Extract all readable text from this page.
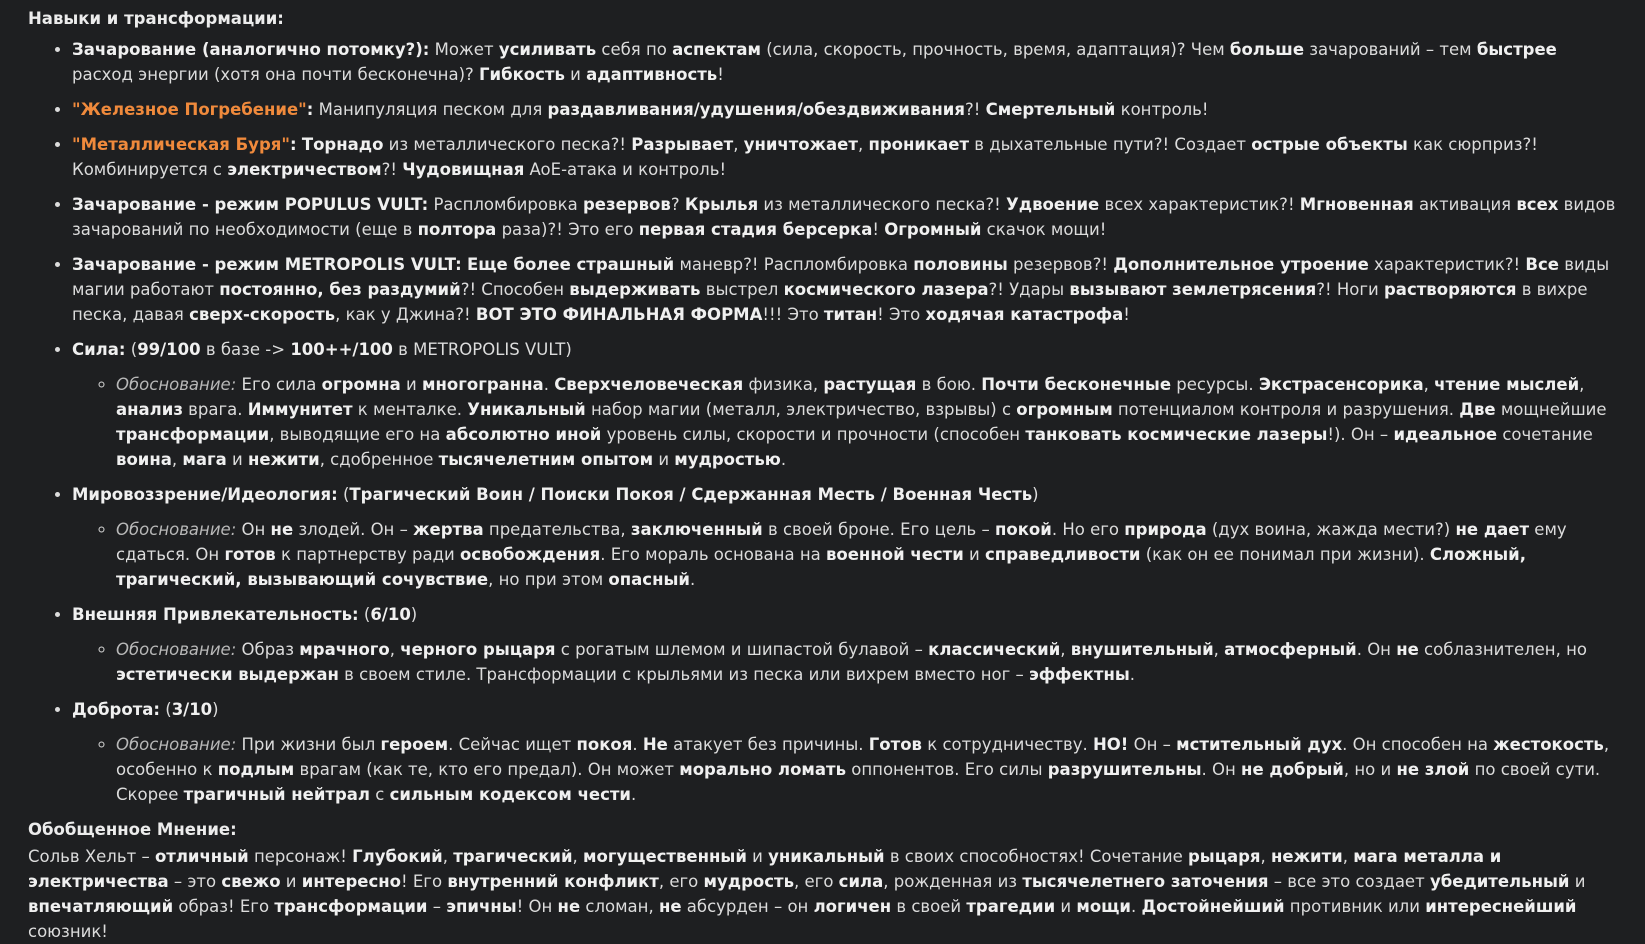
Навыки и трансформации:

• Зачарование (аналогично потомку?): Может усиливать себя по аспектам (сила, скорость, прочность, время, адаптация)? Чем больше зачарований – тем быстрее расход энергии (хотя она почти бесконечна)? Гибкость и адаптивность!
• "Железное Погребение": Манипуляция песком для раздавливания/удушения/обездвиживания?! Смертельный контроль!
• "Металлическая Буря": Торнадо из металлического песка?! Разрывает, уничтожает, проникает в дыхательные пути?! Создает острые объекты как сюрприз?! Комбинируется с электричеством?! Чудовищная AoE-атака и контроль!
• Зачарование - режим POPULUS VULT: Распломбировка резервов? Крылья из металлического песка?! Удвоение всех характеристик?! Мгновенная активация всех видов зачарований по необходимости (еще в полтора раза)?! Это его первая стадия берсерка! Огромный скачок мощи!
• Зачарование - режим METROPOLIS VULT: Еще более страшный маневр?! Распломбировка половины резервов?! Дополнительное утроение характеристик?! Все виды магии работают постоянно, без раздумий?! Способен выдерживать выстрел космического лазера?! Удары вызывают землетрясения?! Ноги растворяются в вихре песка, давая сверх-скорость, как у Джина?! ВОТ ЭТО ФИНАЛЬНАЯ ФОРМА!!! Это титан! Это ходячая катастрофа!
• Сила: (99/100 в базе -> 100++/100 в METROPOLIS VULT)
◦ Обоснование: Его сила огромна и многогранна. Сверхчеловеческая физика, растущая в бою. Почти бесконечные ресурсы. Экстрасенсорика, чтение мыслей, анализ врага. Иммунитет к менталке. Уникальный набор магии (металл, электричество, взрывы) с огромным потенциалом контроля и разрушения. Две мощнейшие трансформации, выводящие его на абсолютно иной уровень силы, скорости и прочности (способен танковать космические лазеры!). Он – идеальное сочетание воина, мага и нежити, сдобренное тысячелетним опытом и мудростью.
• Мировоззрение/Идеология: (Трагический Воин / Поиски Покоя / Сдержанная Месть / Военная Честь)
◦ Обоснование: Он не злодей. Он – жертва предательства, заключенный в своей броне. Его цель – покой. Но его природа (дух воина, жажда мести?) не дает ему сдаться. Он готов к партнерству ради освобождения. Его мораль основана на военной чести и справедливости (как он ее понимал при жизни). Сложный, трагический, вызывающий сочувствие, но при этом опасный.
• Внешняя Привлекательность: (6/10)
◦ Обоснование: Образ мрачного, черного рыцаря с рогатым шлемом и шипастой булавой – классический, внушительный, атмосферный. Он не соблазнителен, но эстетически выдержан в своем стиле. Трансформации с крыльями из песка или вихрем вместо ног – эффектны.
• Доброта: (3/10)
◦ Обоснование: При жизни был героем. Сейчас ищет покоя. Не атакует без причины. Готов к сотрудничеству. НО! Он – мстительный дух. Он способен на жестокость, особенно к подлым врагам (как те, кто его предал). Он может морально ломать оппонентов. Его силы разрушительны. Он не добрый, но и не злой по своей сути. Скорее трагичный нейтрал с сильным кодексом чести.

Обобщенное Мнение:

Сольв Хельт – отличный персонаж! Глубокий, трагический, могущественный и уникальный в своих способностях! Сочетание рыцаря, нежити, мага металла и электричества – это свежо и интересно! Его внутренний конфликт, его мудрость, его сила, рожденная из тысячелетнего заточения – все это создает убедительный и впечатляющий образ! Его трансформации – эпичны! Он не сломан, не абсурден – он логичен в своей трагедии и мощи. Достойнейший противник или интереснейший союзник!
